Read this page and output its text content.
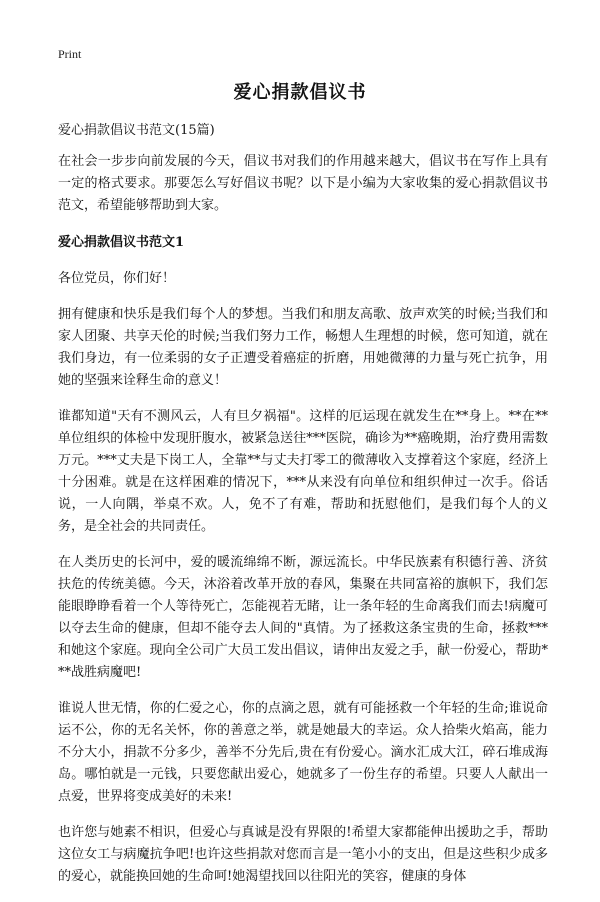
Print
爱心捐款倡议书

爱心捐款倡议书范文(15篇)

在社会一步步向前发展的今天，倡议书对我们的作用越来越大，倡议书在写作上具有一定的格式要求。那要怎么写好倡议书呢？以下是小编为大家收集的爱心捐款倡议书范文，希望能够帮助到大家。

爱心捐款倡议书范文1

各位党员，你们好！

拥有健康和快乐是我们每个人的梦想。当我们和朋友高歌、放声欢笑的时候;当我们和家人团聚、共享天伦的时候;当我们努力工作，畅想人生理想的时候，您可知道，就在我们身边，有一位柔弱的女子正遭受着癌症的折磨，用她微薄的力量与死亡抗争，用她的坚强来诠释生命的意义！

谁都知道"天有不测风云，人有旦夕祸福"。这样的厄运现在就发生在**身上。**在**单位组织的体检中发现肝腹水，被紧急送往***医院，确诊为**癌晚期，治疗费用需数万元。***丈夫是下岗工人，全靠**与丈夫打零工的微薄收入支撑着这个家庭，经济上十分困难。就是在这样困难的情况下，***从来没有向单位和组织伸过一次手。俗话说，一人向隅，举桌不欢。人，免不了有难，帮助和抚慰他们，是我们每个人的义务，是全社会的共同责任。

在人类历史的长河中，爱的暖流绵绵不断，源远流长。中华民族素有积德行善、济贫扶危的传统美德。今天，沐浴着改革开放的春风，集聚在共同富裕的旗帜下，我们怎能眼睁睁看着一个人等待死亡，怎能视若无睹，让一条年轻的生命离我们而去!病魔可以夺去生命的健康，但却不能夺去人间的"真情。为了拯救这条宝贵的生命，拯救***和她这个家庭。现向全公司广大员工发出倡议，请伸出友爱之手，献一份爱心，帮助***战胜病魔吧!

谁说人世无情，你的仁爱之心，你的点滴之恩，就有可能拯救一个年轻的生命;谁说命运不公，你的无名关怀，你的善意之举，就是她最大的幸运。众人拾柴火焰高，能力不分大小，捐款不分多少，善举不分先后,贵在有份爱心。滴水汇成大江，碎石堆成海岛。哪怕就是一元钱，只要您献出爱心，她就多了一份生存的希望。只要人人献出一点爱，世界将变成美好的未来!

也许您与她素不相识，但爱心与真诚是没有界限的!希望大家都能伸出援助之手，帮助这位女工与病魔抗争吧!也许这些捐款对您而言是一笔小小的支出，但是这些积少成多的爱心，就能换回她的生命呵!她渴望找回以往阳光的笑容，健康的身体
